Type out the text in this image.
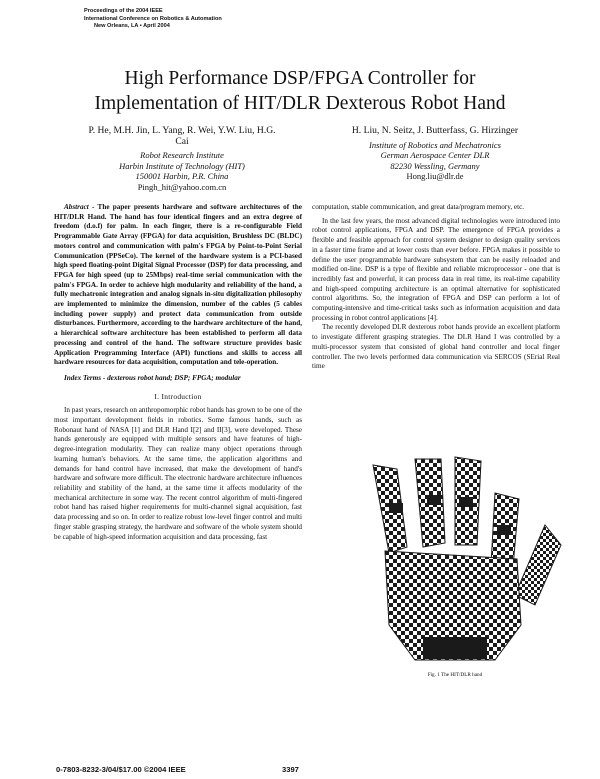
Proceedings of the 2004 IEEE
International Conference on Robotics & Automation
New Orleans, LA • April 2004
High Performance DSP/FPGA Controller for
Implementation of HIT/DLR Dexterous Robot Hand
P. He, M.H. Jin, L. Yang, R. Wei, Y.W. Liu, H.G. Cai
Robot Research Institute
Harbin Institute of Technology (HIT)
150001 Harbin, P.R. China
Pingh_hit@yahoo.com.cn
H. Liu, N. Seitz, J. Butterfass, G. Hirzinger
Institute of Robotics and Mechatronics
German Aerospace Center DLR
82230 Wessling, Germany
Hong.liu@dlr.de

Abstract - The paper presents hardware and software architectures of the HIT/DLR Hand. The hand has four identical fingers and an extra degree of freedom (d.o.f) for palm. In each finger, there is a re-configurable Field Programmable Gate Array (FPGA) for data acquisition, Brushless DC (BLDC) motors control and communication with palm's FPGA by Point-to-Point Serial Communication (PPSeCo). The kernel of the hardware system is a PCI-based high speed floating-point Digital Signal Processor (DSP) for data processing, and FPGA for high speed (up to 25Mbps) real-time serial communication with the palm's FPGA. In order to achieve high modularity and reliability of the hand, a fully mechatronic integration and analog signals in-situ digitalization philosophy are implemented to minimize the dimension, number of the cables (5 cables including power supply) and protect data communication from outside disturbances. Furthermore, according to the hardware architecture of the hand, a hierarchical software architecture has been established to perform all data processing and control of the hand. The software structure provides basic Application Programming Interface (API) functions and skills to access all hardware resources for data acquisition, computation and tele-operation.

Index Terms - dexterous robot hand; DSP; FPGA; modular

I. Introduction

In past years, research on anthropomorphic robot hands has grown to be one of the most important development fields in robotics. Some famous hands, such as Robonaut hand of NASA [1] and DLR Hand I[2] and II[3], were developed. These hands generously are equipped with multiple sensors and have features of high-degree-integration modularity. They can realize many object operations through learning human's behaviors. At the same time, the application algorithms and demands for hand control have increased, that make the development of hand's hardware and software more difficult. The electronic hardware architecture influences reliability and stability of the hand, at the same time it affects modularity of the mechanical architecture in some way. The recent control algorithm of multi-fingered robot hand has raised higher requirements for multi-channel signal acquisition, fast data processing and so on. In order to realize robust low-level finger control and multi finger stable grasping strategy, the hardware and software of the whole system should be capable of high-speed information acquisition and data processing, fast

computation, stable communication, and great data/program memory, etc.

In the last few years, the most advanced digital technologies were introduced into robot control applications, FPGA and DSP. The emergence of FPGA provides a flexible and feasible approach for control system designer to design quality services in a faster time frame and at lower costs than ever before. FPGA makes it possible to define the user programmable hardware subsystem that can be easily reloaded and modified on-line. DSP is a type of flexible and reliable microprocessor - one that is incredibly fast and powerful, it can process data in real time, its real-time capability and high-speed computing architecture is an optimal alternative for sophisticated control algorithms. So, the integration of FPGA and DSP can perform a lot of computing-intensive and time-critical tasks such as information acquisition and data processing in robot control applications [4].

The recently developed DLR dexterous robot hands provide an excellent platform to investigate different grasping strategies. The DLR Hand I was controlled by a multi-processor system that consisted of global hand controller and local finger controller. The two levels performed data communication via SERCOS (SErial Real time

Fig. 1 The HIT/DLR hand
0-7803-8232-3/04/$17.00 ©2004 IEEE	3397
